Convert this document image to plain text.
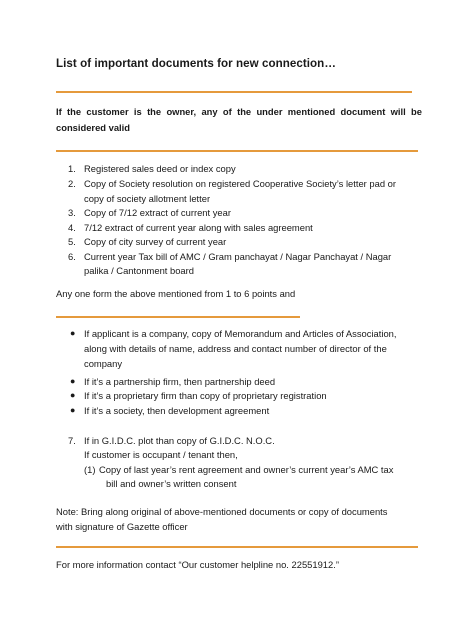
List of important documents for new connection…
If the customer is the owner, any of the under mentioned document will be considered valid
1. Registered sales deed or index copy
2. Copy of Society resolution on registered Cooperative Society’s letter pad or
copy of society allotment letter
3. Copy of 7/12 extract of current year
4. 7/12 extract of current year along with sales agreement
5. Copy of city survey of current year
6. Current year Tax bill of AMC / Gram panchayat / Nagar Panchayat / Nagar
palika / Cantonment board
Any one form the above mentioned from 1 to 6 points and
● If applicant is a company, copy of Memorandum and Articles of Association,
along with details of name, address and contact number of director of the
company
● If it’s a partnership firm, then partnership deed
● If it’s a proprietary firm than copy of proprietary registration
● If it’s a society, then development agreement
7. If in G.I.D.C. plot than copy of G.I.D.C. N.O.C.
If customer is occupant / tenant then,
(1) Copy of last year’s rent agreement and owner’s current year’s AMC tax
bill and owner’s written consent
Note: Bring along original of above-mentioned documents or copy of documents
with signature of Gazette officer
For more information contact “Our customer helpline no. 22551912.”
